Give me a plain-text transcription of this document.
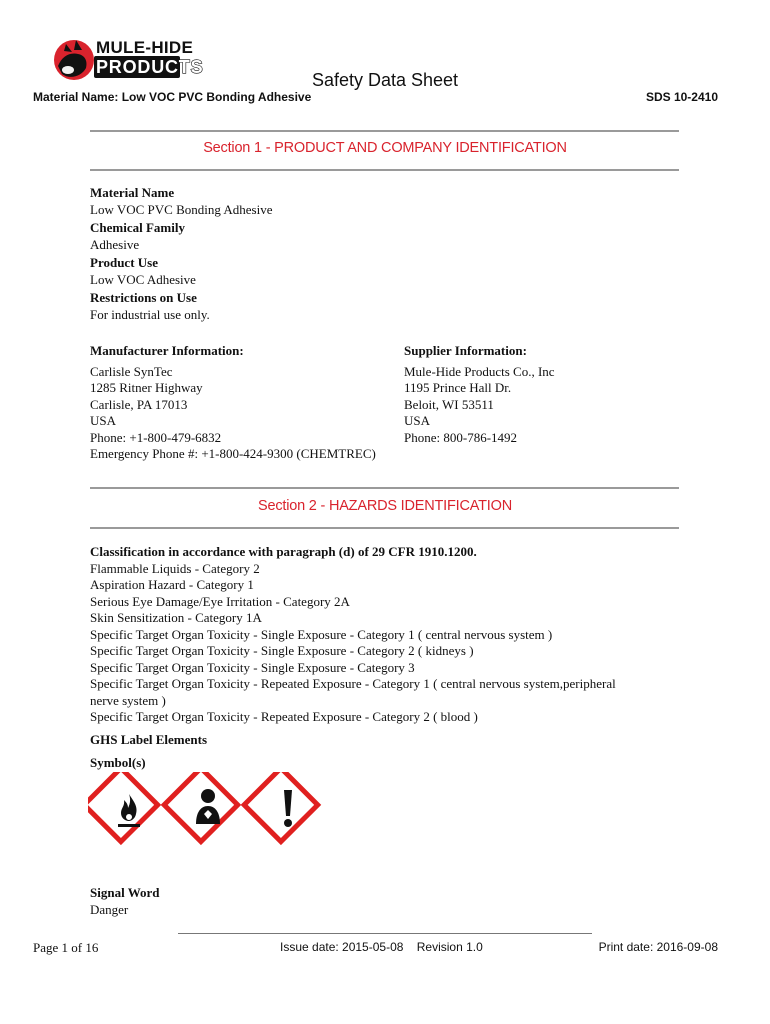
MULE-HIDE
PRODUCTS
Safety Data Sheet
Material Name: Low VOC PVC Bonding Adhesive	SDS 10-2410
Section 1 - PRODUCT AND COMPANY IDENTIFICATION
Material Name
Low VOC PVC Bonding Adhesive
Chemical Family
Adhesive
Product Use
Low VOC Adhesive
Restrictions on Use
For industrial use only.
Manufacturer Information:
Carlisle SynTec
1285 Ritner Highway
Carlisle, PA 17013
USA
Phone: +1-800-479-6832
Emergency Phone #: +1-800-424-9300 (CHEMTREC)
Supplier Information:
Mule-Hide Products Co., Inc
1195 Prince Hall Dr.
Beloit, WI 53511
USA
Phone: 800-786-1492
Section 2 - HAZARDS IDENTIFICATION
Classification in accordance with paragraph (d) of 29 CFR 1910.1200.
Flammable Liquids - Category 2
Aspiration Hazard - Category 1
Serious Eye Damage/Eye Irritation - Category 2A
Skin Sensitization - Category 1A
Specific Target Organ Toxicity - Single Exposure - Category 1 ( central nervous system )
Specific Target Organ Toxicity - Single Exposure - Category 2 ( kidneys )
Specific Target Organ Toxicity - Single Exposure - Category 3
Specific Target Organ Toxicity - Repeated Exposure - Category 1 ( central nervous system,peripheral
nerve system )
Specific Target Organ Toxicity - Repeated Exposure - Category 2 ( blood )
GHS Label Elements
Symbol(s)
Signal Word
Danger
Page 1 of 16	Issue date: 2015-05-08    Revision 1.0	Print date: 2016-09-08
